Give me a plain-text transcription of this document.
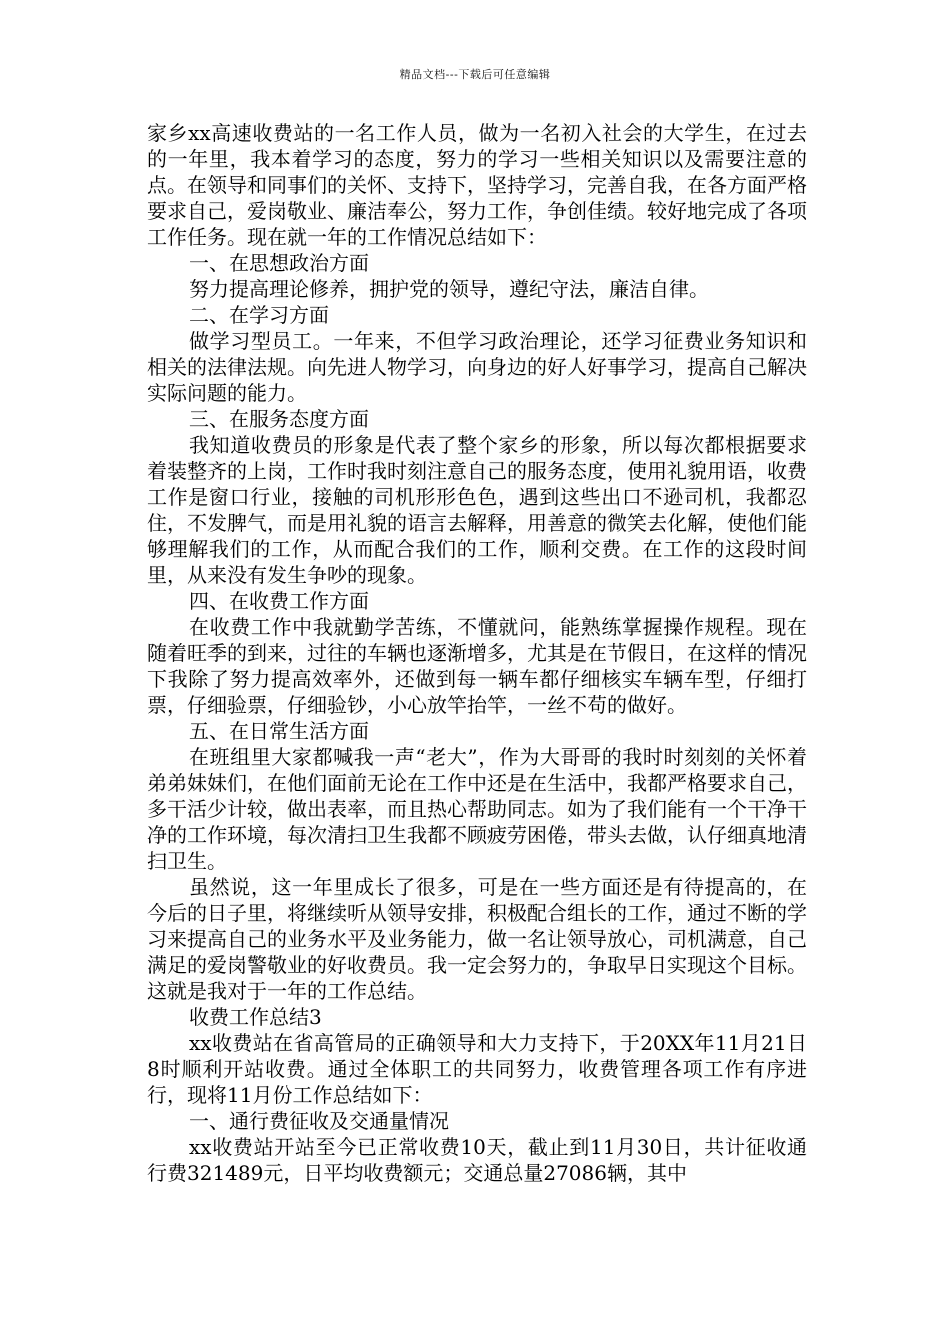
精品文档---下载后可任意编辑

家乡xx高速收费站的一名工作人员，做为一名初入社会的大学生，在过去的一年里，我本着学习的态度，努力的学习一些相关知识以及需要注意的点。在领导和同事们的关怀、支持下，坚持学习，完善自我，在各方面严格要求自己，爱岗敬业、廉洁奉公，努力工作，争创佳绩。较好地完成了各项工作任务。现在就一年的工作情况总结如下：

一、在思想政治方面

努力提高理论修养，拥护党的领导，遵纪守法，廉洁自律。

二、在学习方面

做学习型员工。一年来，不但学习政治理论，还学习征费业务知识和相关的法律法规。向先进人物学习，向身边的好人好事学习，提高自己解决实际问题的能力。

三、在服务态度方面

我知道收费员的形象是代表了整个家乡的形象，所以每次都根据要求着装整齐的上岗，工作时我时刻注意自己的服务态度，使用礼貌用语，收费工作是窗口行业，接触的司机形形色色，遇到这些出口不逊司机，我都忍住，不发脾气，而是用礼貌的语言去解释，用善意的微笑去化解，使他们能够理解我们的工作，从而配合我们的工作，顺利交费。在工作的这段时间里，从来没有发生争吵的现象。

四、在收费工作方面

在收费工作中我就勤学苦练，不懂就问，能熟练掌握操作规程。现在随着旺季的到来，过往的车辆也逐渐增多，尤其是在节假日，在这样的情况下我除了努力提高效率外，还做到每一辆车都仔细核实车辆车型，仔细打票，仔细验票，仔细验钞，小心放竿抬竿，一丝不苟的做好。

五、在日常生活方面

在班组里大家都喊我一声“老大”，作为大哥哥的我时时刻刻的关怀着弟弟妹妹们，在他们面前无论在工作中还是在生活中，我都严格要求自己，多干活少计较，做出表率，而且热心帮助同志。如为了我们能有一个干净干净的工作环境，每次清扫卫生我都不顾疲劳困倦，带头去做，认仔细真地清扫卫生。

虽然说，这一年里成长了很多，可是在一些方面还是有待提高的，在今后的日子里，将继续听从领导安排，积极配合组长的工作，通过不断的学习来提高自己的业务水平及业务能力，做一名让领导放心，司机满意，自己满足的爱岗警敬业的好收费员。我一定会努力的，争取早日实现这个目标。这就是我对于一年的工作总结。

收费工作总结3

xx收费站在省高管局的正确领导和大力支持下，于20XX年11月21日8时顺利开站收费。通过全体职工的共同努力，收费管理各项工作有序进行，现将11月份工作总结如下：

一、通行费征收及交通量情况

xx收费站开站至今已正常收费10天，截止到11月30日，共计征收通行费321489元，日平均收费额元；交通总量27086辆，其中
